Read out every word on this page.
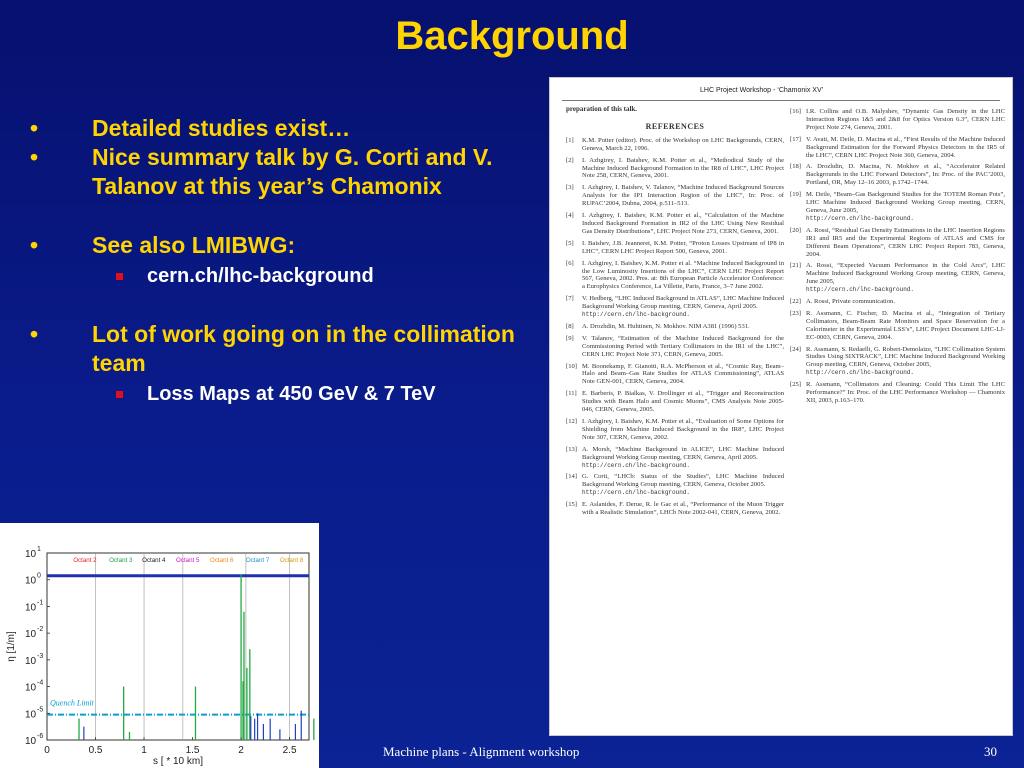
Background
• Detailed studies exist…
• Nice summary talk by G. Corti and V. Talanov at this year’s Chamonix
• See also LMIBWG:
cern.ch/lhc-background
• Lot of work going on in the collimation team
Loss Maps at 450 GeV & 7 TeV
LHC Project Workshop - ‘Chamonix XV’
preparation of this talk.
REFERENCES
[1] K.M. Potter (editor). Proc. of the Workshop on LHC Backgrounds, CERN, Geneva, March 22, 1996.
[2] I. Azhgirey, I. Baishev, K.M. Potter et al., “Methodical Study of the Machine Induced Background Formation in the IR8 of LHC”, LHC Project Note 258, CERN, Geneva, 2001.
[3] I. Azhgirey, I. Baishev, V. Talanov, “Machine Induced Background Sources Analysis for the IP1 Interaction Region of the LHC”, In: Proc. of RUPAC’2004, Dubna, 2004, p.511–513.
[4] I. Azhgirey, I. Baishev, K.M. Potter et al., “Calculation of the Machine Induced Background Formation in IR2 of the LHC Using New Residual Gas Density Distributions”, LHC Project Note 273, CERN, Geneva, 2001.
[5] I. Baishev, J.B. Jeanneret, K.M. Potter, “Proton Losses Upstream of IP8 in LHC”, CERN LHC Project Report 500, Geneva, 2001.
[6] I. Azhgirey, I. Baishev, K.M. Potter et al. “Machine Induced Background in the Low Luminosity Insertions of the LHC”, CERN LHC Project Report 567, Geneva, 2002. Pres. at: 8th European Particle Accelerator Conference: a Europhysics Conference, La Villette, Paris, France, 3–7 June 2002.
[7] V. Hedberg, “LHC Induced Background in ATLAS”, LHC Machine Induced Background Working Group meeting, CERN, Geneva, April 2005.
http://cern.ch/lhc-background.
[8] A. Drozhdin, M. Huhtinen, N. Mokhov. NIM A381 (1996) 531.
[9] V. Talanov, “Estimation of the Machine Induced Background for the Commissioning Period with Tertiary Collimators in the IR1 of the LHC”, CERN LHC Project Note 371, CERN, Geneva, 2005.
[10] M. Boonekamp, F. Gianotti, R.A. McPherson et al., “Cosmic Ray, Beam–Halo and Beam–Gas Rate Studies for ATLAS Commissioning”, ATLAS Note GEN-001, CERN, Geneva, 2004.
[11] E. Barberis, P. Bialkas, V. Drollinger et al., “Trigger and Reconstruction Studies with Beam Halo and Cosmic Muons”, CMS Analysis Note 2005-046, CERN, Geneva, 2005.
[12] I. Azhgirey, I. Baishev, K.M. Potter et al., “Evaluation of Some Options for Shielding from Machine Induced Background in the IR8”, LHC Project Note 307, CERN, Geneva, 2002.
[13] A. Morsh, “Machine Background in ALICE”, LHC Machine Induced Background Working Group meeting, CERN, Geneva, April 2005.
http://cern.ch/lhc-background.
[14] G. Corti, “LHCb: Status of the Studies”, LHC Machine Induced Background Working Group meeting, CERN, Geneva, October 2005.
http://cern.ch/lhc-background.
[15] E. Aslanides, F. Derue, R. le Gac et al., “Performance of the Muon Trigger with a Realistic Simulation”, LHCb Note 2002-041, CERN, Geneva, 2002.
[16] I.R. Collins and O.B. Malyshev, “Dynamic Gas Density in the LHC Interaction Regions 1&5 and 2&8 for Optics Version 6.3”, CERN LHC Project Note 274, Geneva, 2001.
[17] V. Avati, M. Deile, D. Macina et al., “First Results of the Machine Induced Background Estimation for the Forward Physics Detectors in the IR5 of the LHC”, CERN LHC Project Note 360, Geneva, 2004.
[18] A. Drozhdin, D. Macina, N. Mokhov et al., “Accelerator Related Backgrounds in the LHC Forward Detectors”, In: Proc. of the PAC’2003, Portland, OR, May 12–16 2003, p.1742–1744.
[19] M. Deile, “Beam–Gas Background Studies for the TOTEM Roman Pots”, LHC Machine Induced Background Working Group meeting, CERN, Geneva, June 2005,
http://cern.ch/lhc-background.
[20] A. Rossi, “Residual Gas Density Estimations in the LHC Insertion Regions IR1 and IR5 and the Experimental Regions of ATLAS and CMS for Different Beam Operations”, CERN LHC Project Report 783, Geneva, 2004.
[21] A. Rossi, “Expected Vacuum Performance in the Cold Arcs”, LHC Machine Induced Background Working Group meeting, CERN, Geneva, June 2005,
http://cern.ch/lhc-background.
[22] A. Rossi, Private communication.
[23] R. Assmann, C. Fischer, D. Macina et al., “Integration of Tertiary Collimators, Beam-Beam Rate Monitors and Space Reservation for a Calorimeter in the Experimental LSS’s”, LHC Project Document LHC-LJ-EC-0003, CERN, Geneva, 2004.
[24] R. Assmann, S. Redaelli, G. Robert-Demolaize, “LHC Collimation System Studies Using SIXTRACK”, LHC Machine Induced Background Working Group meeting, CERN, Geneva, October 2005,
http://cern.ch/lhc-background.
[25] R. Assmann, “Collimators and Cleaning: Could This Limit The LHC Performance?” In: Proc. of the LHC Performance Workshop — Chamonix XII, 2003, p.163–170.
Quench Limit
Octant 2 Octant 3 Octant 4 Octant 5 Octant 6 Octant 7 Octant 8
0	0.5	1	1.5	2	2.5
10 1
10 0
10 -1
10 -2
10 -3
10 -4
10 -5
10 -6
η [1/m]
s [ * 10 km]
Machine plans - Alignment workshop	30
